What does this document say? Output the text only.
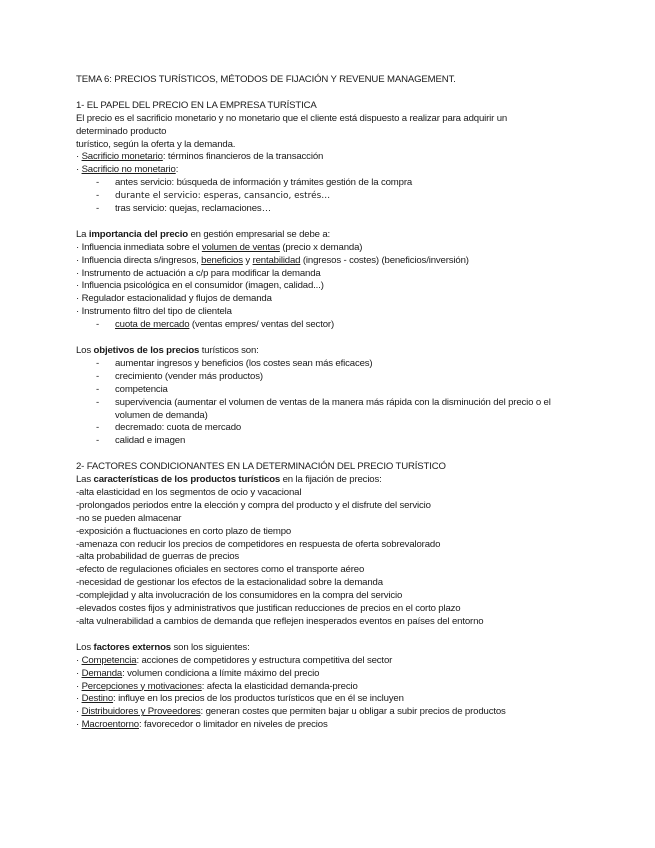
TEMA 6: PRECIOS TURÍSTICOS, MÉTODOS DE FIJACIÓN Y REVENUE MANAGEMENT.
1- EL PAPEL DEL PRECIO EN LA EMPRESA TURÍSTICA
El precio es el sacrificio monetario y no monetario que el cliente está dispuesto a realizar para adquirir un determinado producto
turístico, según la oferta y la demanda.
· Sacrificio monetario: términos financieros de la transacción
· Sacrificio no monetario:
- antes servicio: búsqueda de información y trámites gestión de la compra
- durante el servicio: esperas, cansancio, estrés…
- tras servicio: quejas, reclamaciones…
La importancia del precio en gestión empresarial se debe a:
· Influencia inmediata sobre el volumen de ventas (precio x demanda)
· Influencia directa s/ingresos, beneficios y rentabilidad (ingresos - costes) (beneficios/inversión)
· Instrumento de actuación a c/p para modificar la demanda
· Influencia psicológica en el consumidor (imagen, calidad...)
· Regulador estacionalidad y flujos de demanda
· Instrumento filtro del tipo de clientela
- cuota de mercado (ventas empres/ ventas del sector)
Los objetivos de los precios turísticos son:
- aumentar ingresos y beneficios (los costes sean más eficaces)
- crecimiento (vender más productos)
- competencia
- supervivencia (aumentar el volumen de ventas de la manera más rápida con la disminución del precio o el volumen de demanda)
- decremado: cuota de mercado
- calidad e imagen
2- FACTORES CONDICIONANTES EN LA DETERMINACIÓN DEL PRECIO TURÍSTICO
Las características de los productos turísticos en la fijación de precios:
-alta elasticidad en los segmentos de ocio y vacacional
-prolongados periodos entre la elección y compra del producto y el disfrute del servicio
-no se pueden almacenar
-exposición a fluctuaciones en corto plazo de tiempo
-amenaza con reducir los precios de competidores en respuesta de oferta sobrevalorado
-alta probabilidad de guerras de precios
-efecto de regulaciones oficiales en sectores como el transporte aéreo
-necesidad de gestionar los efectos de la estacionalidad sobre la demanda
-complejidad y alta involucración de los consumidores en la compra del servicio
-elevados costes fijos y administrativos que justifican reducciones de precios en el corto plazo
-alta vulnerabilidad a cambios de demanda que reflejen inesperados eventos en países del entorno
Los factores externos son los siguientes:
· Competencia: acciones de competidores y estructura competitiva del sector
· Demanda: volumen condiciona a límite máximo del precio
· Percepciones y motivaciones: afecta la elasticidad demanda-precio
· Destino: influye en los precios de los productos turísticos que en él se incluyen
· Distribuidores y Proveedores: generan costes que permiten bajar u obligar a subir precios de productos
· Macroentorno: favorecedor o limitador en niveles de precios
